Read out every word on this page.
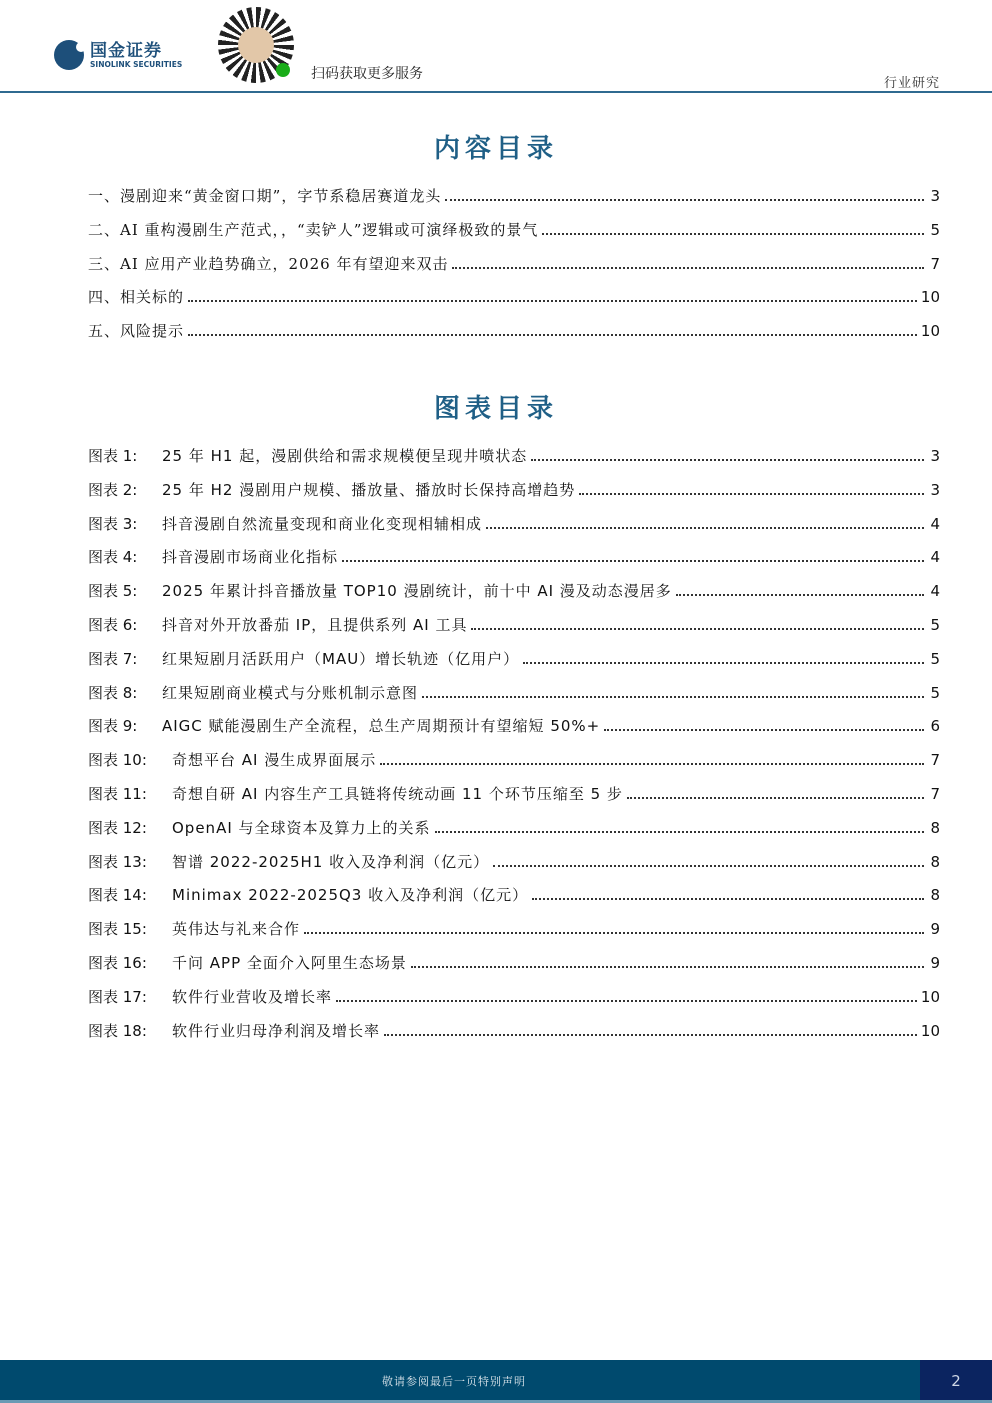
国金证券
SINOLINK SECURITIES
扫码获取更多服务
行业研究
内容目录
一、漫剧迎来“黄金窗口期”，字节系稳居赛道龙头	3
二、AI 重构漫剧生产范式，，“卖铲人”逻辑或可演绎极致的景气	5
三、AI 应用产业趋势确立，2026 年有望迎来双击	7
四、相关标的	10
五、风险提示	10
图表目录
图表 1:	25 年 H1 起，漫剧供给和需求规模便呈现井喷状态	3
图表 2:	25 年 H2 漫剧用户规模、播放量、播放时长保持高增趋势	3
图表 3:	抖音漫剧自然流量变现和商业化变现相辅相成	4
图表 4:	抖音漫剧市场商业化指标	4
图表 5:	2025 年累计抖音播放量 TOP10 漫剧统计，前十中 AI 漫及动态漫居多	4
图表 6:	抖音对外开放番茄 IP，且提供系列 AI 工具	5
图表 7:	红果短剧月活跃用户（MAU）增长轨迹（亿用户）	5
图表 8:	红果短剧商业模式与分账机制示意图	5
图表 9:	AIGC 赋能漫剧生产全流程，总生产周期预计有望缩短 50%+	6
图表 10:	奇想平台 AI 漫生成界面展示	7
图表 11:	奇想自研 AI 内容生产工具链将传统动画 11 个环节压缩至 5 步	7
图表 12:	OpenAI 与全球资本及算力上的关系	8
图表 13:	智谱 2022-2025H1 收入及净利润（亿元）	8
图表 14:	Minimax 2022-2025Q3 收入及净利润（亿元）	8
图表 15:	英伟达与礼来合作	9
图表 16:	千问 APP 全面介入阿里生态场景	9
图表 17:	软件行业营收及增长率	10
图表 18:	软件行业归母净利润及增长率	10
敬请参阅最后一页特别声明	2
